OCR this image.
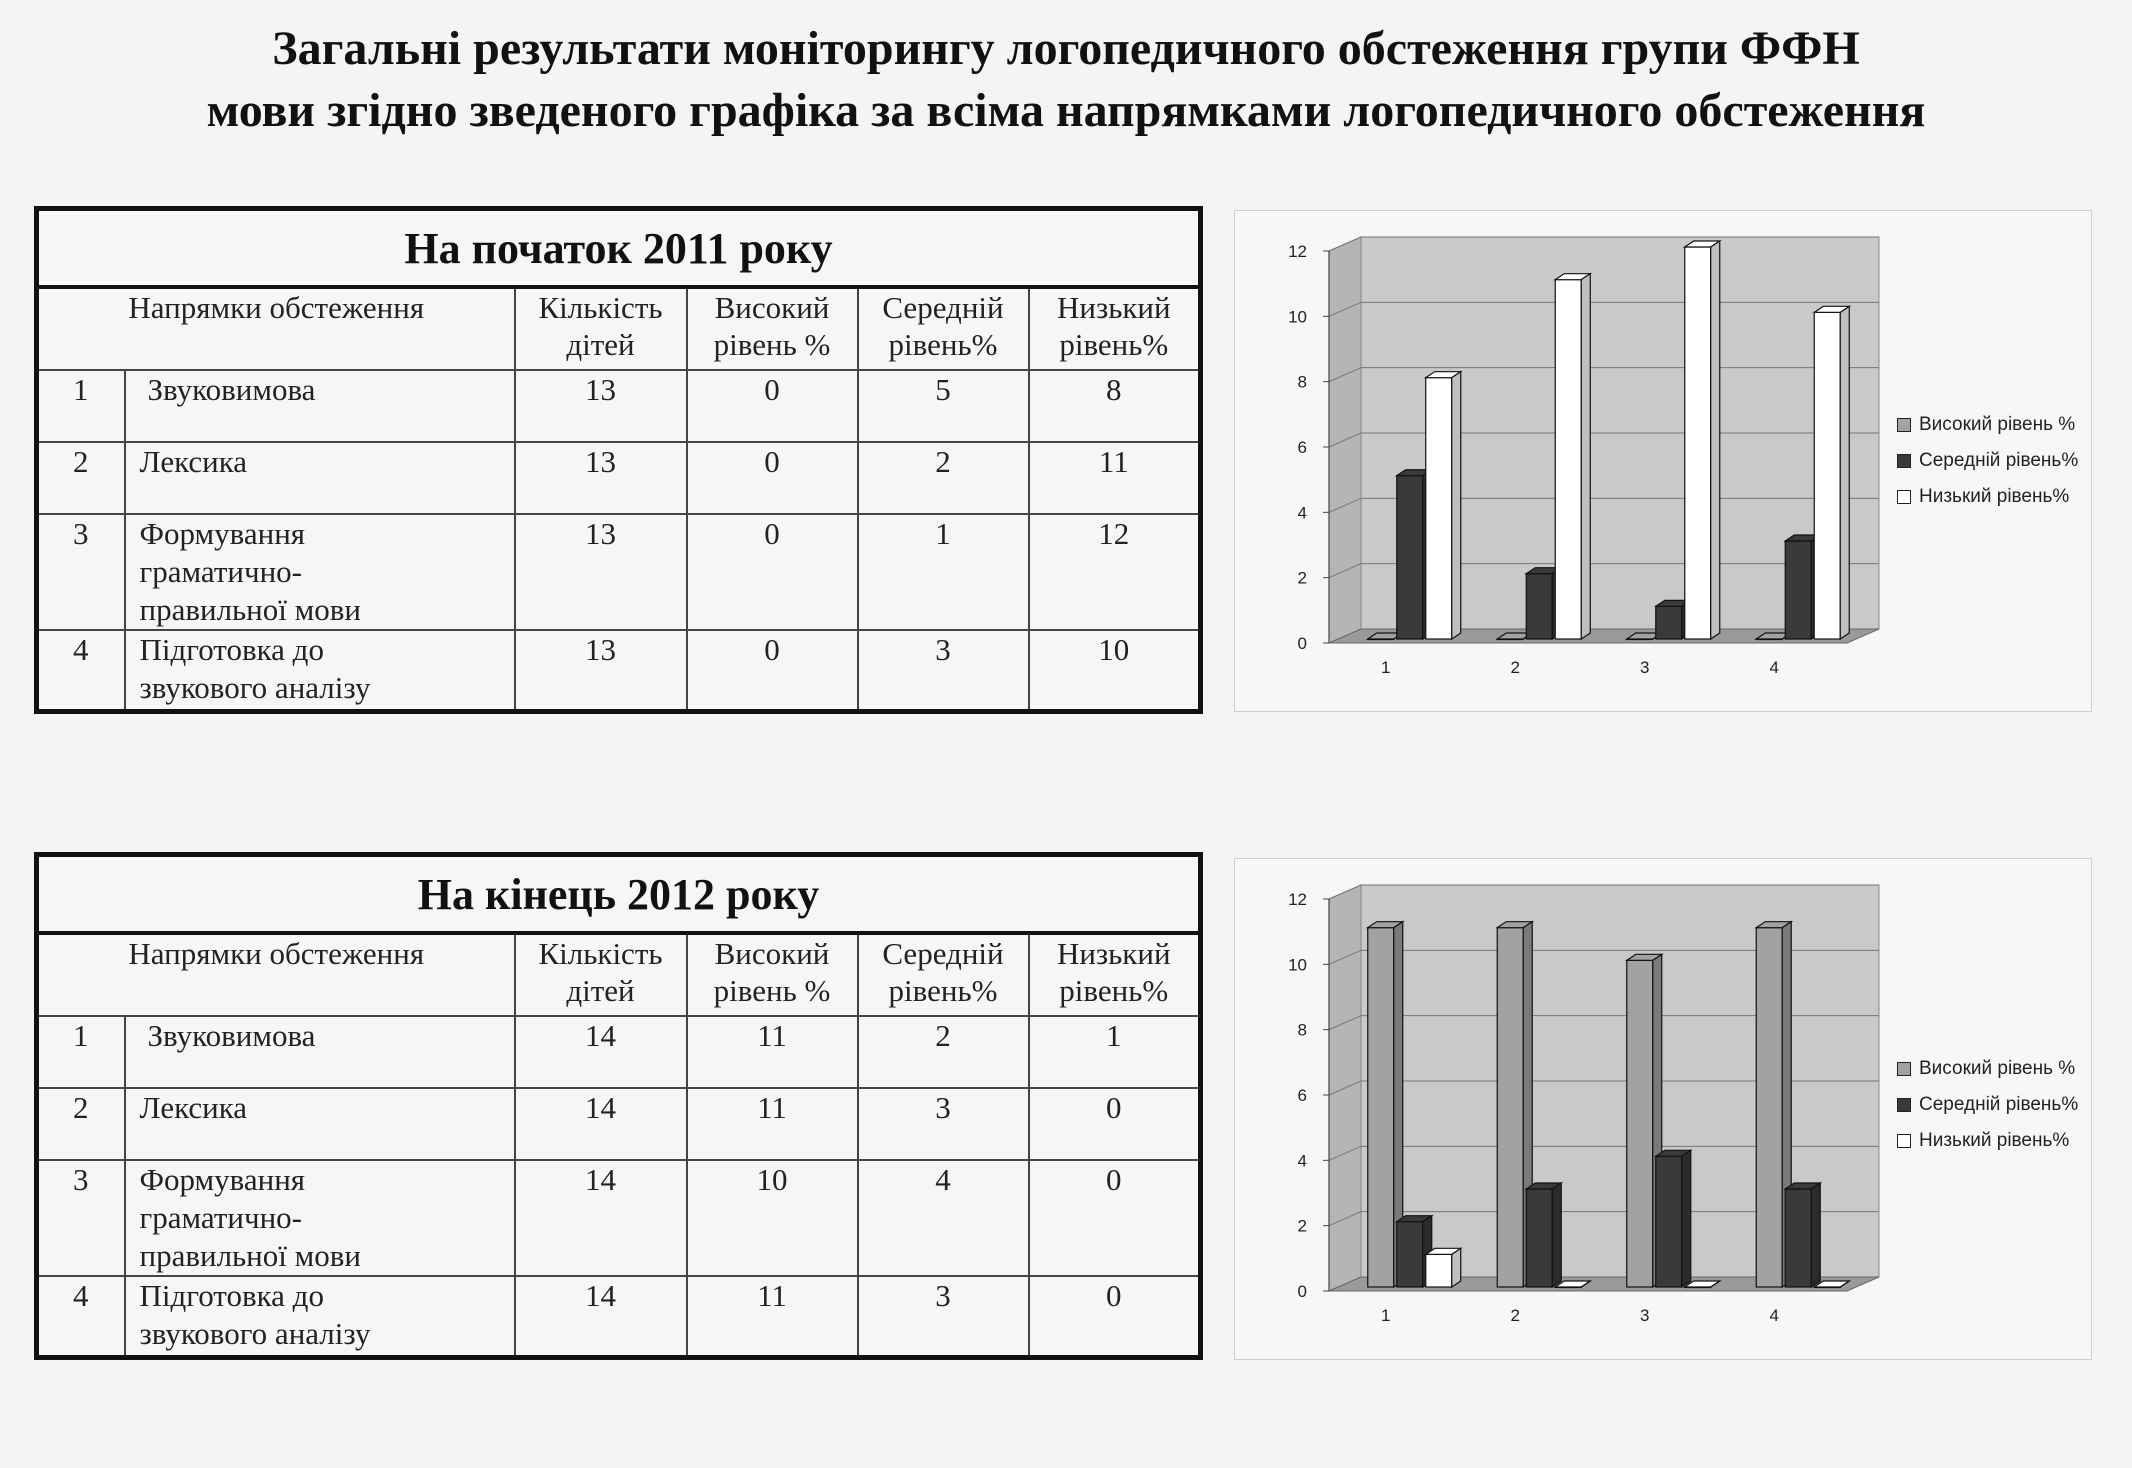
Загальні результати моніторингу логопедичного обстеження групи ФФН
мови згідно зведеного графіка за всіма напрямками логопедичного обстеження
На початок 2011 року					
Напрямки обстеження		Кількість дітей	Високий рівень %	Середній рівень%	Низький рівень%
1	Звуковимова	13	0	5	8
2	Лексика	13	0	2	11
3	Формування граматично-правильної мови	13	0	1	12
4	Підготовка до звукового аналізу	13	0	3	10
На кінець 2012 року					
Напрямки обстеження		Кількість дітей	Високий рівень %	Середній рівень%	Низький рівень%
1	Звуковимова	14	11	2	1
2	Лексика	14	11	3	0
3	Формування граматично-правильної мови	14	10	4	0
4	Підготовка до звукового аналізу	14	11	3	0
0
2
4
6
8
10
12
1	2	3	4
Високий рівень %
Середній рівень%
Низький рівень%
0
2
4
6
8
10
12
1	2	3	4
Високий рівень %
Середній рівень%
Низький рівень%
